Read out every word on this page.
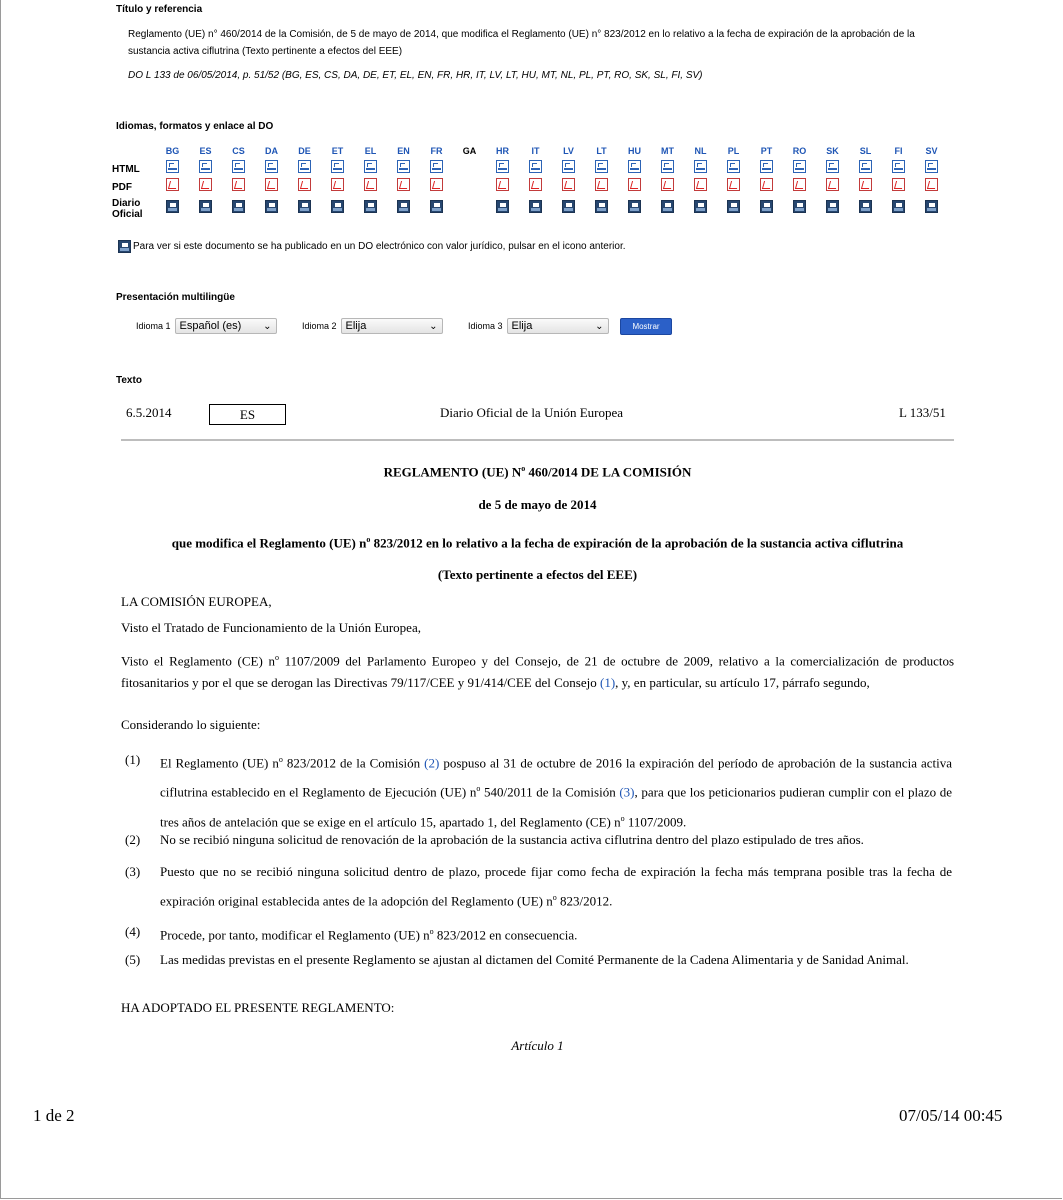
Título y referencia
Reglamento (UE) n° 460/2014 de la Comisión, de 5 de mayo de 2014, que modifica el Reglamento (UE) n° 823/2012 en lo relativo a la fecha de expiración de la aprobación de la sustancia activa ciflutrina (Texto pertinente a efectos del EEE)
DO L 133 de 06/05/2014, p. 51/52 (BG, ES, CS, DA, DE, ET, EL, EN, FR, HR, IT, LV, LT, HU, MT, NL, PL, PT, RO, SK, SL, FI, SV)
Idiomas, formatos y enlace al DO
	BG	ES	CS	DA	DE	ET	EL	EN	FR	GA	HR	IT	LV	LT	HU	MT	NL	PL	PT	RO	SK	SL	FI	SV
HTML																								
PDF																								
Diario
Oficial																								
Para ver si este documento se ha publicado en un DO electrónico con valor jurídico, pulsar en el icono anterior.
Presentación multilingüe
Idioma 1 Español (es) ⌄	Idioma 2 Elija	⌄	Idioma 3 Elija	⌄	Mostrar
Texto
6.5.2014	ES	Diario Oficial de la Unión Europea	L 133/51
REGLAMENTO (UE) $N^o$ 460/2014 DE LA COMISIÓN
de 5 de mayo de 2014
que modifica el Reglamento (UE) $n^o$ 823/2012 en lo relativo a la fecha de expiración de la aprobación de la sustancia activa ciflutrina
(Texto pertinente a efectos del EEE)
LA COMISIÓN EUROPEA,
Visto el Tratado de Funcionamiento de la Unión Europea,
Visto el Reglamento (CE) $n^o$ 1107/2009 del Parlamento Europeo y del Consejo, de 21 de octubre de 2009, relativo a la comercialización de productos fitosanitarios y por el que se derogan las Directivas 79/117/CEE y 91/414/CEE del Consejo (1), y, en particular, su artículo 17, párrafo segundo,
Considerando lo siguiente:
(1)	El Reglamento (UE) $n^o$ 823/2012 de la Comisión (2) pospuso al 31 de octubre de 2016 la expiración del período de aprobación de la sustancia activa ciflutrina establecido en el Reglamento de Ejecución (UE) $n^o$ 540/2011 de la Comisión (3), para que los peticionarios pudieran cumplir con el plazo de tres años de antelación que se exige en el artículo 15, apartado 1, del Reglamento (CE) $n^o$ 1107/2009.
(2)	No se recibió ninguna solicitud de renovación de la aprobación de la sustancia activa ciflutrina dentro del plazo estipulado de tres años.
(3)	Puesto que no se recibió ninguna solicitud dentro de plazo, procede fijar como fecha de expiración la fecha más temprana posible tras la fecha de expiración original establecida antes de la adopción del Reglamento (UE) $n^o$ 823/2012.
(4)	Procede, por tanto, modificar el Reglamento (UE) $n^o$ 823/2012 en consecuencia.
(5)	Las medidas previstas en el presente Reglamento se ajustan al dictamen del Comité Permanente de la Cadena Alimentaria y de Sanidad Animal.
HA ADOPTADO EL PRESENTE REGLAMENTO:
Artículo 1
1 de 2	07/05/14 00:45
